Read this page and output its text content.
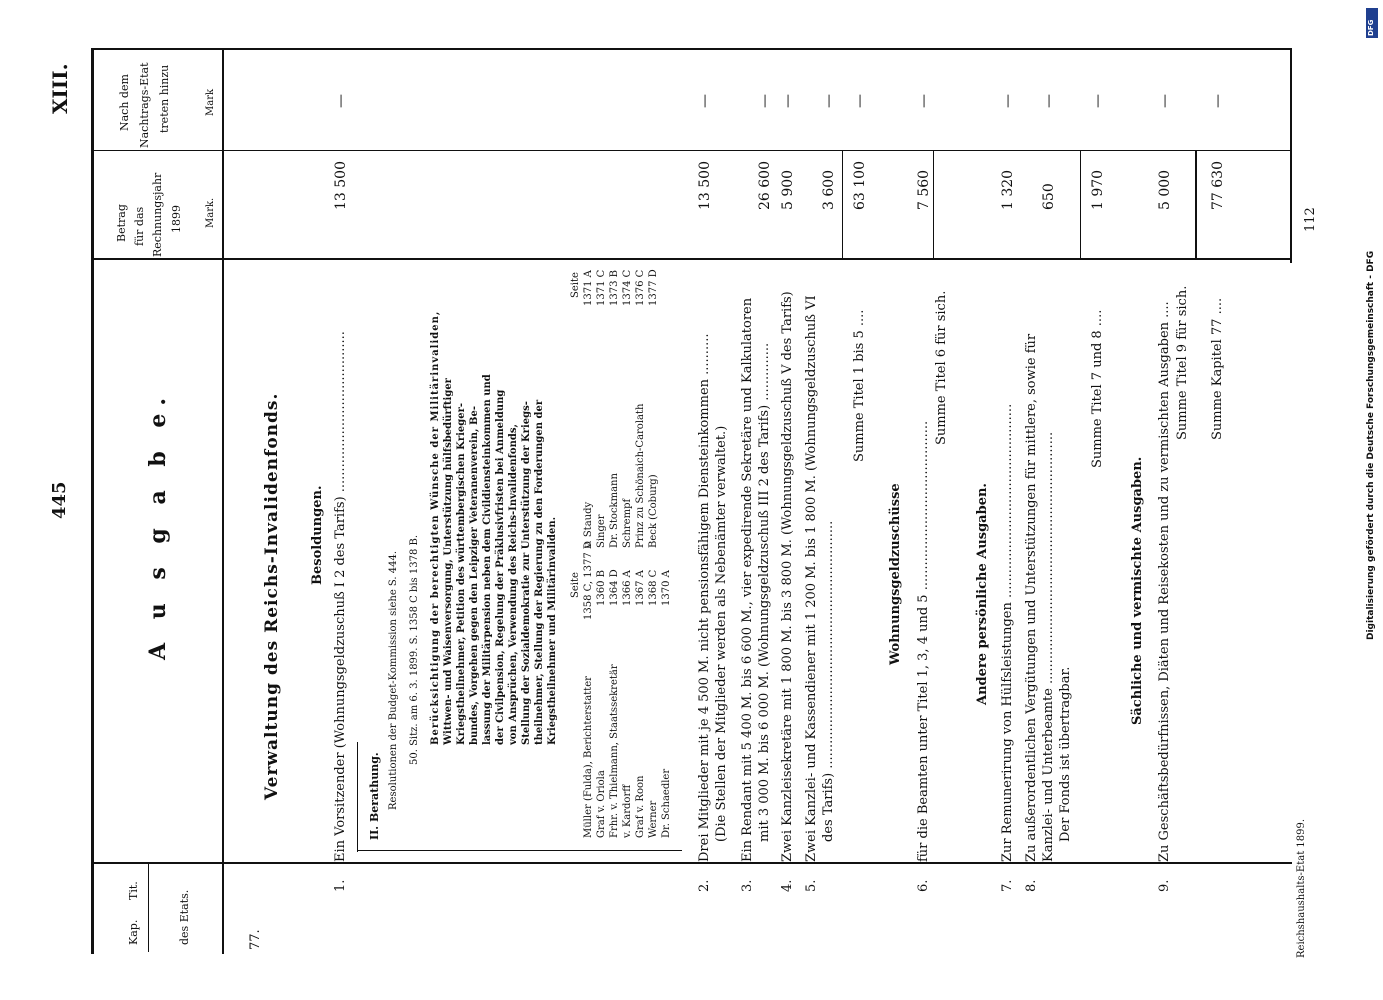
445
XIII.
Kap.
Tit.	des Etats.
A u s g a b e.
Betrag für das Rechnungsjahr 1899 Mark.
Nach dem Nachtrags-Etat treten hinzu	Mark
77.
Verwaltung des Reichs-Invalidenfonds. Besoldungen.
1.
Ein Vorsitzender (Wohnungsgeldzuschuß I 2 des Tarifs) .......................................
13 500
—
II. Berathung. Resolutionen der Budget-Kommission siehe S. 444. 50. Sitz. am 6. 3. 1899. S. 1358 C bis 1378 B. Berücksichtigung der berechtigten Wünsche der Militärinvaliden, Wittwen- und Waisenversorgung, Unterstützung hülfsbedürftiger Kriegstheilnehmer, Petition des württembergischen Krieger- bundes, Vorgehen gegen den Leipziger Veteranenverein, Be- lassung der Militärpension neben dem Civildiensteinkommen und der Civilpension, Regelung der Präklusivfristen bei Anmeldung von Ansprüchen, Verwendung des Reichs-Invalidenfonds, Stellung der Sozialdemokratie zur Unterstützung der Kriegs- theilnehmer, Stellung der Regierung zu den Forderungen der Kriegstheilnehmer und Militärinvaliden. Seite
Seite
Müller (Fulda), Berichterstatter
1358 C, 1377 D
Graf v. Oriola
1360 B
Frhr. v. Thielmann, Staatssekretär
1364 D
v. Kardorff
1366 A
Graf v. Roon
1367 A
Werner
1368 C
Dr. Schaedler
1370 A
v. Staudy
1371 A
Singer
1371 C
Dr. Stockmann
1373 B
Schrempf
1374 C
Prinz zu Schönaich-Carolath
1376 C
Beck (Coburg)
1377 D
2.
Drei Mitglieder mit je 4 500 M. nicht pensionsfähigem Diensteinkommen .......... (Die Stellen der Mitglieder werden als Nebenämter verwaltet.)
13 500
—
3.
Ein Rendant mit 5 400 M. bis 6 600 M., vier expedirende Sekretäre und Kalkulatoren mit 3 000 M. bis 6 000 M. (Wohnungsgeldzuschuß III 2 des Tarifs) ..............
26 600
—
4.
Zwei Kanzleisekretäre mit 1 800 M. bis 3 800 M. (Wohnungsgeldzuschuß V des Tarifs)
5 900
—
5.
Zwei Kanzlei- und Kassendiener mit 1 200 M. bis 1 800 M. (Wohnungsgeldzuschuß VI des Tarifs) ............................................................
3 600
—
Summe Titel 1 bis 5 ....
63 100
—
Wohnungsgeldzuschüsse
6.
für die Beamten unter Titel 1, 3, 4 und 5 .........................................
Summe Titel 6 für sich.
7 560
—
Andere persönliche Ausgaben.
7.
Zur Remunerirung von Hülfsleistungen ...............................................
1 320
—
8.
Zu außerordentlichen Vergütungen und Unterstützungen für mittlere, sowie für Kanzlei- und Unterbeamte ............................................................. Der Fonds ist übertragbar.
650
—
Summe Titel 7 und 8 ....
1 970
—
Sächliche und vermischte Ausgaben.
9.
Zu Geschäftsbedürfnissen, Diäten und Reisekosten und zu vermischten Ausgaben .... Summe Titel 9 für sich.
5 000
—
Summe Kapitel 77 ....
77 630
—
112
Reichshaushalts-Etat 1899.
DFG
Digitalisierung gefördert durch die Deutsche Forschungsgemeinschaft - DFG
